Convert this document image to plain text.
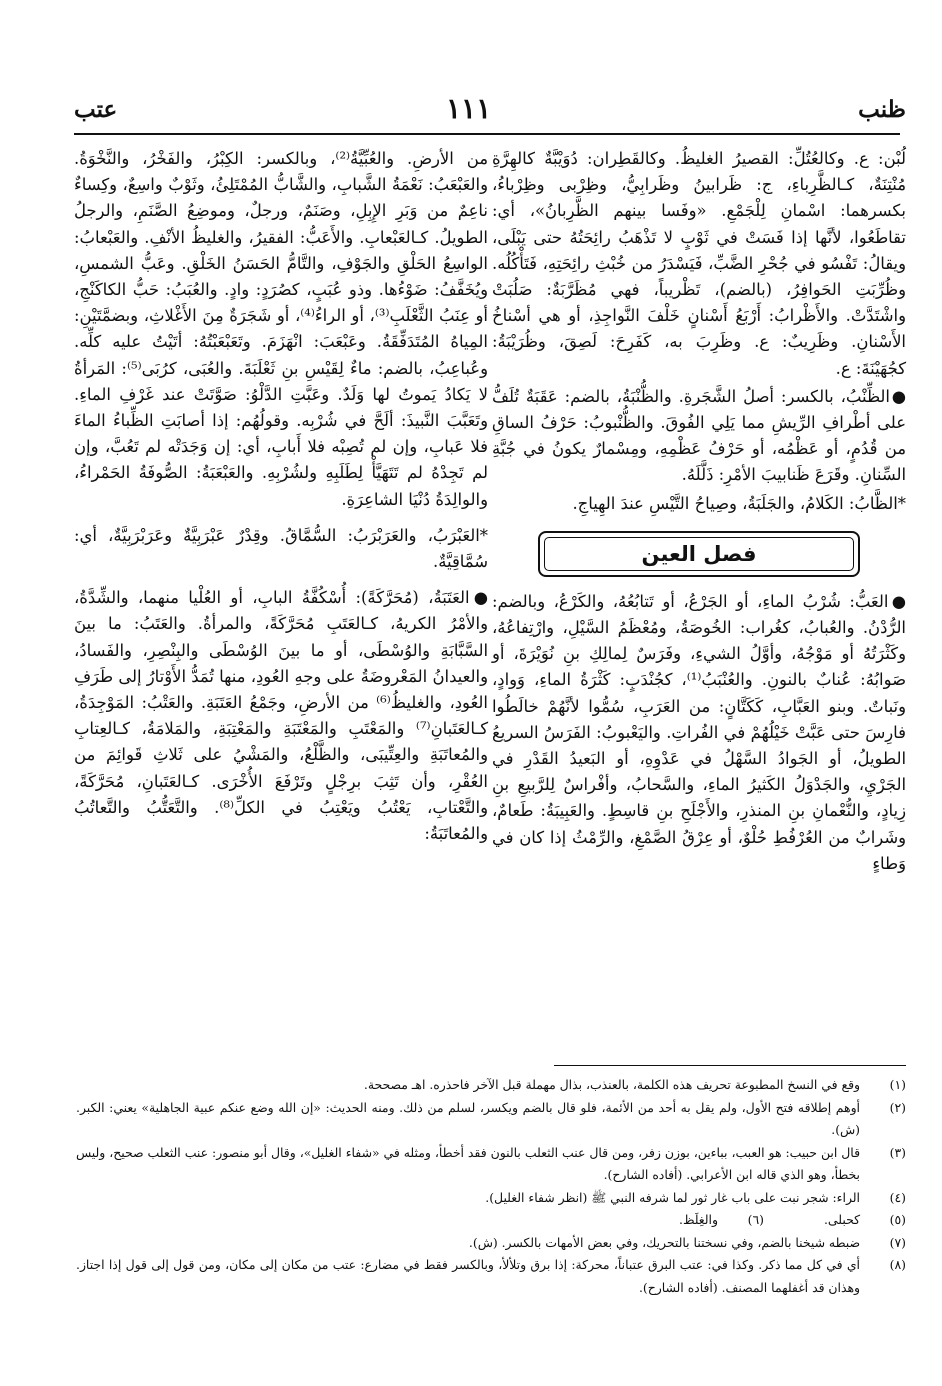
ظنب
١١١
عتب

لُبْن: ع. وكالعُتُلِّ: القصيرُ الغليظُ. وكالقَطِران: دُوَيْبَّةٌ كالهِرَّةِ مُنْتِنَةٌ، كـالظَّرِباءِ، ج: ظَرابينُ وظَرابِيُّ، وظِرْبى وظِرْباءُ، بكسرهما: اسْمانِ لِلْجَمْعِ. «وفَسا بينهم الظَّرِبانُ»، أي: تقاطَعُوا، لأنَّها إذا فَسَتْ في ثَوْبٍ لا تَذْهَبُ رائِحَتُهُ حتى يَبْلَى، ويقالُ: تَفْسُو في جُحْرِ الضَّبِّ، فَيَسْدَرُ من خُبْثِ رائِحَتِهِ، فَتَأْكُلُه. وظُرِّبَتِ الحَوافِرُ، (بالضم)، تَظْريباً، فهي مُظَرَّبَةٌ: صَلُبَتْ واشْتَدَّتْ. والأَظْرابُ: أَرْبَعُ أَسْنانٍ خَلْفَ النَّواجِذِ، أو هي أسْناخُ الأَسْنانِ. وظَرِيبٌ: ع. وظَرِبَ به، كَفَرِحَ: لَصِقَ، وظُرَيْبَةُ: كجُهَيْنَةَ: ع.

●الظِّنْبُ، بالكسر: أصلُ الشَّجَرةِ. والظُّنْبَةُ، بالضم: عَقَبَةٌ تُلَفُّ على أطْرافِ الرِّيشِ مما يَلِي الفُوقَ. والظُّنْبوبُ: حَرْفُ الساقِ من قُدُمٍ، أو عَظْمُه، أو حَرْفُ عَظْمِهِ، ومِسْمارٌ يكونُ في جُبَّةِ السِّنانِ. وقَرَعَ ظَنابيبَ الأمْرِ: ذَلَّلَهُ.

*الظَّابُ: الكَلامُ، والجَلَبَةُ، وصِياحُ التَّيْسِ عندَ الهِياجِ.

فصل العين

●العَبُّ: شُرْبُ الماءِ، أو الجَرْعُ، أو تَتابُعُهُ، والكَرْعُ، وبالضم: الرُّدْنُ. والعُبابُ، كغُراب: الخُوصَةُ، ومُعْظَمُ السَّيْلِ، وارْتِفاعُهُ، وكَثْرَتُهُ أو مَوْجُهُ، وأوَّلُ الشيءِ، وفَرَسٌ لِمالِكِ بنِ نُوَيْرَةَ، أو صَوابُهُ: عُنابٌ بالنونِ. والعُنْبَبُ⁽¹⁾، كجُنْدَبٍ: كَثْرَةُ الماءِ، وَوادٍ، ونَباتٌ. وبنو العَبَّابِ، كَكَتَّانٍ: من العَرَبِ، سُمُّوا لأنَّهُمْ خالَطُوا فارِسَ حتى عَبَّتْ خَيْلُهُمْ في الفُراتِ. واليَعْبوبُ: الفَرَسُ السريعُ الطويلُ، أو الجَوادُ السَّهْلُ في عَدْوِهِ، أو البَعيدُ القَدْرِ في الجَرْيِ، والجَدْوَلُ الكَثيرُ الماءِ، والسَّحابُ، وأفْراسٌ لِلرَّبيعِ بنِ زِيادٍ، والنُّعْمانِ بنِ المنذرِ، والأَجْلَحِ بنِ قاسِطٍ. والعَبِيبَةُ: طَعامٌ، وشَرابٌ من العُرْفُطِ حُلْوٌ، أو عِرْقُ الصَّمْغِ، والرِّمْثُ إذا كان في وَطاءٍ

من الأرضِ. والعُبِّيَّةُ⁽²⁾، وبالكسر: الكِبْرُ، والفَخْرُ، والنَّخْوَةُ. والعَبْعَبُ: نَعْمَةُ الشَّبابِ، والشَّابُّ المُمْتَلِئُ، وثَوْبٌ واسِعٌ، وكِساءٌ ناعِمٌ من وَبَرِ الإِبِلِ، وصَنَمٌ، ورجلٌ، وموضِعُ الصَّنَمِ، والرجلُ الطويلُ. كـالعَبْعابِ. والأَعَبُّ: الفقيرُ، والغليظُ الأنْفِ. والعَبْعابُ: الواسِعُ الحَلْقِ والجَوْفِ، والتَّامُّ الحَسَنُ الخَلْقِ. وعَبُّ الشمسِ، ويُخَفَّفُ: ضَوْءُها. وذو عُبَبٍ، كصُرَدٍ: وادٍ. والعُبَبُ: حَبُّ الكاكَنْجِ، أو عِنَبُ الثَّعْلَبِ⁽³⁾، أو الراءُ⁽⁴⁾، أو شَجَرَةٌ مِنَ الأَغْلاثِ، وبضمَّتَيْنِ: المِياهُ المُتَدَفِّقَةُ. وعَبْعَبَ: انْهَزَمَ. وتَعَبْعَبْتُهُ: أتَيْتُ عليه كلِّه. وعُباعِبُ، بالضم: ماءٌ لِقَيْسِ بنِ ثَعْلَبَةَ. والعُبَى، كرُبَى⁽⁵⁾: المَرأةُ لا يَكادُ يَموتُ لها وَلَدٌ. وعَبَّتِ الدَّلْوُ: صَوَّتَتْ عند غَرْفِ الماءِ. وتَعَبَّبَ النَّبيذَ: ألَحَّ في شُرْبِه. وقولُهُم: إذا أصابَتِ الظِّباءُ الماءَ فلا عَبابِ، وإن لم تُصِبْه فلا أَبابِ، أي: إن وَجَدَتْه لم تَعُبَّ، وإن لم تَجِدْهُ لم تَتَهَيَّأْ لِطَلَبِهِ ولشُرْبِهِ. والعَبْعَبَةُ: الصُّوفَةُ الحَمْراءُ، والوالِدَةُ دُنْيَا الشاعِرَةِ.

*العَبْرَبُ، والعَرَبْرَبُ: السُّمَّاقُ. وقِدْرٌ عَبْرَبِيَّةٌ وعَرَبْرَبِيَّةٌ، أي: سُمَّاقِيَّةٌ.

●العَتَبَةُ، (مُحَرَّكَةً): أُسْكُفَّةُ البابِ، أو العُلْيا منهما، والشِّدَّةُ، والأمْرُ الكريهُ، كـالعَتَبِ مُحَرَّكَةً، والمرأةُ. والعَتَبُ: ما بينَ السَّبَّابَةِ والوُسْطَى، أو ما بينَ الوُسْطَى والبِنْصِرِ، والفَسادُ، والعيدانُ المَعْروضَةُ على وجهِ العُودِ، منها تُمَدُّ الأَوْتارُ إلى طَرَفِ العُودِ، والغليظُ⁽⁶⁾ من الأرضِ، وجَمْعُ العَتَبَةِ. والعَتْبُ: المَوْجِدَةُ، كـالعَتَبانِ⁽⁷⁾ والمَعْتَبِ والمَعْتَبَةِ والمَعْتِبَةِ، والمَلامَةُ، كـالعِتابِ والمُعاتَبَةِ والعِتِّيبَى، والظَّلْعُ، والمَشْيُ على ثَلاثِ قَوائِمَ من العُقْرِ، وأن تَثِبَ برِجْلٍ وتَرْفَعَ الأُخْرَى. كـالعَتَبانِ، مُحَرَّكَةً، والتَّعْتابِ، يَعْتُبُ ويَعْتِبُ في الكلِّ⁽⁸⁾. والتَّعَتُّبُ والتَّعاتُبُ والمُعاتَبَةُ:

(١)
وقع في النسخ المطبوعة تحريف هذه الكلمة، بالعنذب، بذال مهملة قبل الآخر فاحذره. اهـ مصححة.
(٢)
أوهم إطلاقه فتح الأول، ولم يقل به أحد من الأئمة، فلو قال بالضم ويكسر، لسلم من ذلك. ومنه الحديث: «إن الله وضع عنكم عبية الجاهلية» يعني: الكبر. (ش).
(٣)
قال ابن حبيب: هو العبب، بباءين، بوزن زفر، ومن قال عنب الثعلب بالنون فقد أخطأ، ومثله في «شفاء الغليل»، وقال أبو منصور: عنب الثعلب صحيح، وليس بخطأ، وهو الذي قاله ابن الأعرابي. (أفاده الشارح).
(٤)
الراء: شجر نبت على باب غار ثور لما شرفه النبي ﷺ (انظر شفاء الغليل).
(٥)
كحبلى.
(٦)
والغِلَظ.
(٧)
ضبطه شيخنا بالضم، وفي نسختنا بالتحريك، وفي بعض الأمهات بالكسر. (ش).
(٨)
أي في كل مما ذكر. وكذا في: عتب البرق عتباناً، محركة: إذا برق وتلألأ، وبالكسر فقط في مضارع: عتب من مكان إلى مكان، ومن قول إلى قول إذا اجتاز. وهذان قد أغفلهما المصنف. (أفاده الشارح).
